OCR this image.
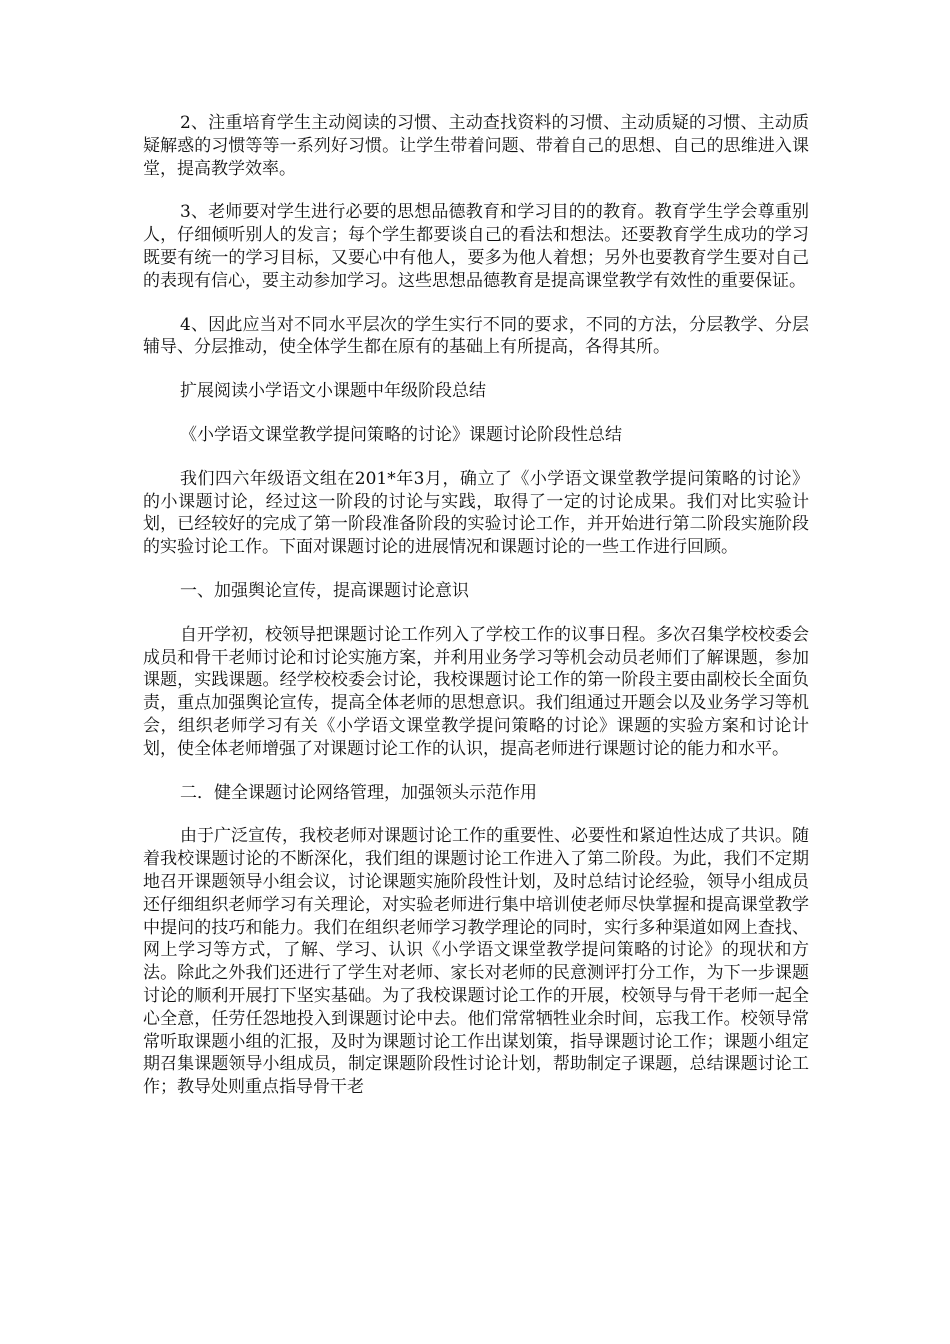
2、注重培育学生主动阅读的习惯、主动查找资料的习惯、主动质疑的习惯、主动质疑解惑的习惯等等一系列好习惯。让学生带着问题、带着自己的思想、自己的思维进入课堂，提高教学效率。

3、老师要对学生进行必要的思想品德教育和学习目的的教育。教育学生学会尊重别人，仔细倾听别人的发言；每个学生都要谈自己的看法和想法。还要教育学生成功的学习既要有统一的学习目标，又要心中有他人，要多为他人着想；另外也要教育学生要对自己的表现有信心，要主动参加学习。这些思想品德教育是提高课堂教学有效性的重要保证。

4、因此应当对不同水平层次的学生实行不同的要求，不同的方法，分层教学、分层辅导、分层推动，使全体学生都在原有的基础上有所提高，各得其所。

扩展阅读小学语文小课题中年级阶段总结

《小学语文课堂教学提问策略的讨论》课题讨论阶段性总结

我们四六年级语文组在201*年3月，确立了《小学语文课堂教学提问策略的讨论》的小课题讨论，经过这一阶段的讨论与实践，取得了一定的讨论成果。我们对比实验计划，已经较好的完成了第一阶段准备阶段的实验讨论工作，并开始进行第二阶段实施阶段的实验讨论工作。下面对课题讨论的进展情况和课题讨论的一些工作进行回顾。

一、加强舆论宣传，提高课题讨论意识

自开学初，校领导把课题讨论工作列入了学校工作的议事日程。多次召集学校校委会成员和骨干老师讨论和讨论实施方案，并利用业务学习等机会动员老师们了解课题，参加课题，实践课题。经学校校委会讨论，我校课题讨论工作的第一阶段主要由副校长全面负责，重点加强舆论宣传，提高全体老师的思想意识。我们组通过开题会以及业务学习等机会，组织老师学习有关《小学语文课堂教学提问策略的讨论》课题的实验方案和讨论计划，使全体老师增强了对课题讨论工作的认识，提高老师进行课题讨论的能力和水平。

二．健全课题讨论网络管理，加强领头示范作用

由于广泛宣传，我校老师对课题讨论工作的重要性、必要性和紧迫性达成了共识。随着我校课题讨论的不断深化，我们组的课题讨论工作进入了第二阶段。为此，我们不定期地召开课题领导小组会议，讨论课题实施阶段性计划，及时总结讨论经验，领导小组成员还仔细组织老师学习有关理论，对实验老师进行集中培训使老师尽快掌握和提高课堂教学中提问的技巧和能力。我们在组织老师学习教学理论的同时，实行多种渠道如网上查找、网上学习等方式，了解、学习、认识《小学语文课堂教学提问策略的讨论》的现状和方法。除此之外我们还进行了学生对老师、家长对老师的民意测评打分工作，为下一步课题讨论的顺利开展打下坚实基础。为了我校课题讨论工作的开展，校领导与骨干老师一起全心全意，任劳任怨地投入到课题讨论中去。他们常常牺牲业余时间，忘我工作。校领导常常听取课题小组的汇报，及时为课题讨论工作出谋划策，指导课题讨论工作；课题小组定期召集课题领导小组成员，制定课题阶段性讨论计划，帮助制定子课题，总结课题讨论工作；教导处则重点指导骨干老
